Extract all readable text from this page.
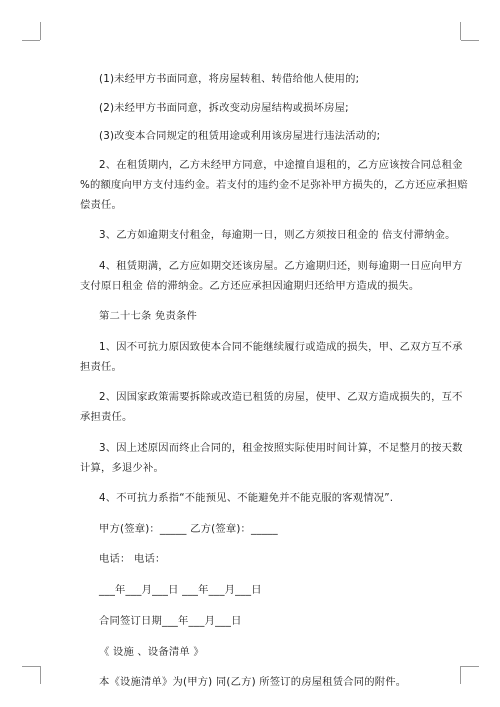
(1)未经甲方书面同意，将房屋转租、转借给他人使用的;
(2)未经甲方书面同意，拆改变动房屋结构或损坏房屋;
(3)改变本合同规定的租赁用途或利用该房屋进行违法活动的;
2、在租赁期内，乙方未经甲方同意，中途擅自退租的，乙方应该按合同总租金
%的额度向甲方支付违约金。若支付的违约金不足弥补甲方损失的，乙方还应承担赔
偿责任。
3、乙方如逾期支付租金，每逾期一日，则乙方须按日租金的 倍支付滞纳金。
4、租赁期满，乙方应如期交还该房屋。乙方逾期归还，则每逾期一日应向甲方
支付原日租金 倍的滞纳金。乙方还应承担因逾期归还给甲方造成的损失。
第二十七条 免责条件
1、因不可抗力原因致使本合同不能继续履行或造成的损失，甲、乙双方互不承
担责任。
2、因国家政策需要拆除或改造已租赁的房屋，使甲、乙双方造成损失的，互不
承担责任。
3、因上述原因而终止合同的，租金按照实际使用时间计算，不足整月的按天数
计算，多退少补。
4、不可抗力系指“不能预见、不能避免并不能克服的客观情况”.
甲方(签章)：_____ 乙方(签章)：_____
电话： 电话：
___年___月___日 ___年___月___日
合同签订日期___年___月___日
《 设施 、设备清单 》
本《设施清单》为(甲方) 同(乙方) 所签订的房屋租赁合同的附件。
